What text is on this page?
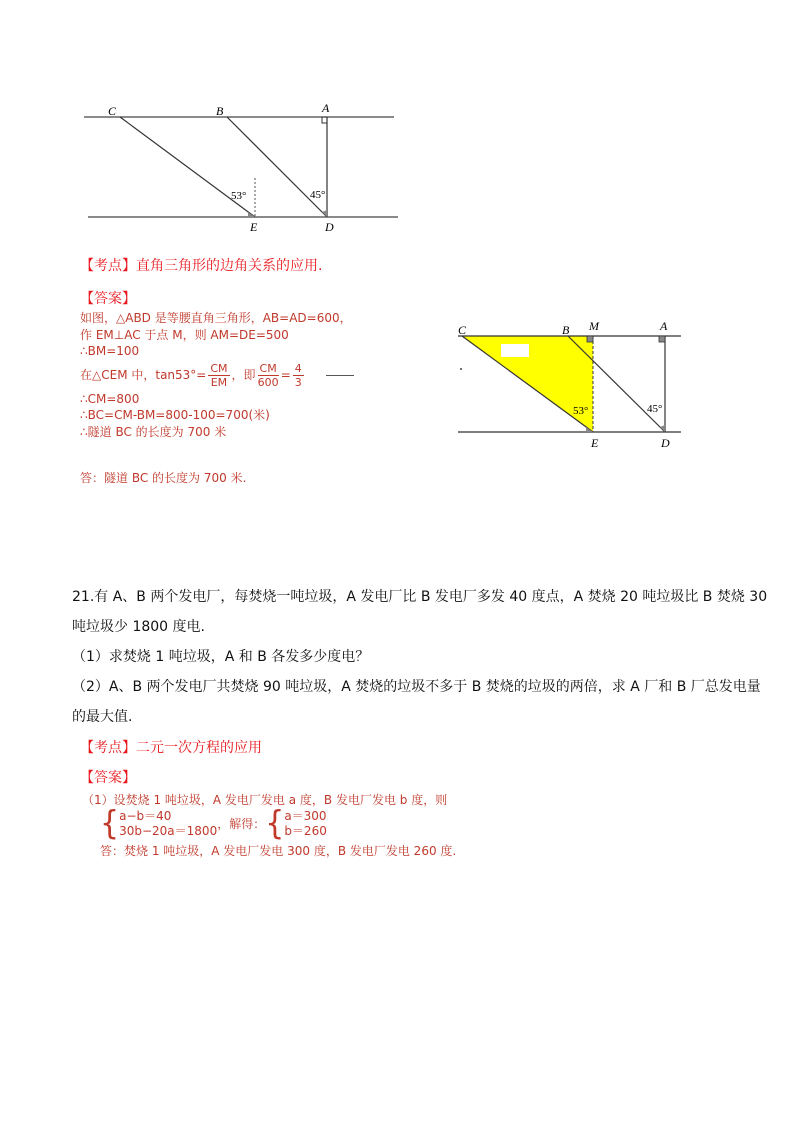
C	B	A
E	D
53°	45°
【考点】直角三角形的边角关系的应用.
【答案】
如图，△ABD 是等腰直角三角形，AB=AD=600，
作 EM⊥AC 于点 M，则 AM=DE=500
∴BM=100
在△CEM 中，$\tan 53^\circ= \frac{CM}{EM}$ ，即 $\frac{CM}{600} = \frac{4}{3}$

∴CM=800
∴BC=CM-BM=800-100=700(米)
∴隧道 BC 的长度为 700 米
答：隧道 BC 的长度为 700 米.
C	B M	A
E	D
53°	45°
21.有 A、B 两个发电厂，每焚烧一吨垃圾，A 发电厂比 B 发电厂多发 40 度点，A 焚烧 20 吨垃圾比 B 焚烧 30
吨垃圾少 1800 度电.
（1）求焚烧 1 吨垃圾，A 和 B 各发多少度电？
（2）A、B 两个发电厂共焚烧 90 吨垃圾，A 焚烧的垃圾不多于 B 焚烧的垃圾的两倍，求 A 厂和 B 厂总发电量
的最大值.
【考点】二元一次方程的应用
【答案】
（1）设焚烧 1 吨垃圾，A 发电厂发电 a 度，B 发电厂发电 b 度，则
{ a−b＝40
30b−20a＝1800
，解得：{ a＝300
b＝260
答：焚烧 1 吨垃圾，A 发电厂发电 300 度，B 发电厂发电 260 度.
